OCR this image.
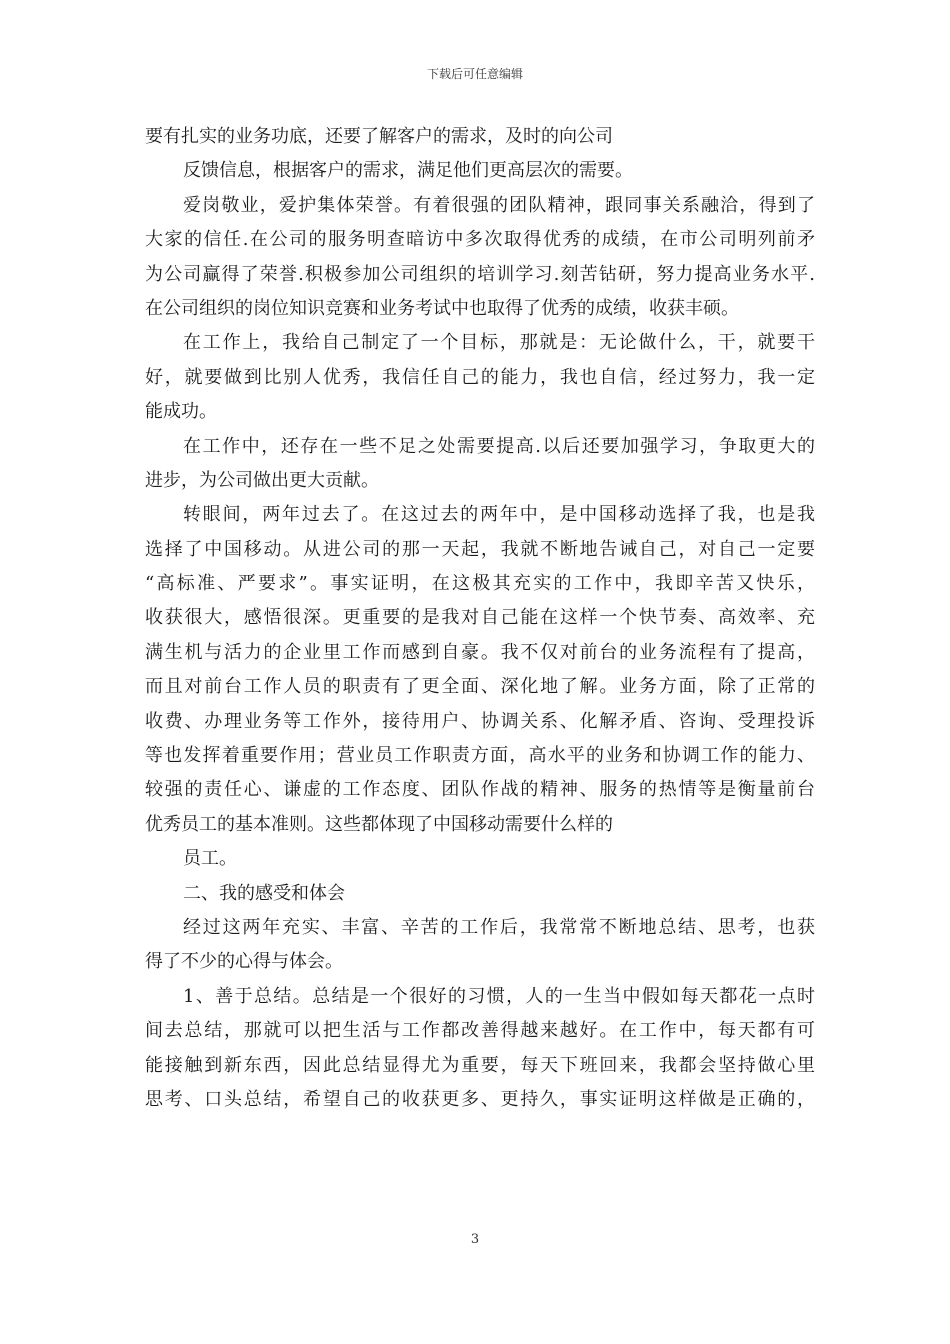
下载后可任意编辑
要有扎实的业务功底，还要了解客户的需求，及时的向公司
反馈信息，根据客户的需求，满足他们更高层次的需要。
爱岗敬业，爱护集体荣誉。有着很强的团队精神，跟同事关系融洽，得到了
大家的信任.在公司的服务明查暗访中多次取得优秀的成绩，在市公司明列前矛
为公司赢得了荣誉.积极参加公司组织的培训学习.刻苦钻研，努力提高业务水平.
在公司组织的岗位知识竞赛和业务考试中也取得了优秀的成绩，收获丰硕。
在工作上，我给自己制定了一个目标，那就是：无论做什么，干，就要干
好，就要做到比别人优秀，我信任自己的能力，我也自信，经过努力，我一定
能成功。
在工作中，还存在一些不足之处需要提高.以后还要加强学习，争取更大的
进步，为公司做出更大贡献。
转眼间，两年过去了。在这过去的两年中，是中国移动选择了我，也是我
选择了中国移动。从进公司的那一天起，我就不断地告诫自己，对自己一定要
“高标准、严要求”。事实证明，在这极其充实的工作中，我即辛苦又快乐，
收获很大，感悟很深。更重要的是我对自己能在这样一个快节奏、高效率、充
满生机与活力的企业里工作而感到自豪。我不仅对前台的业务流程有了提高，
而且对前台工作人员的职责有了更全面、深化地了解。业务方面，除了正常的
收费、办理业务等工作外，接待用户、协调关系、化解矛盾、咨询、受理投诉
等也发挥着重要作用；营业员工作职责方面，高水平的业务和协调工作的能力、
较强的责任心、谦虚的工作态度、团队作战的精神、服务的热情等是衡量前台
优秀员工的基本准则。这些都体现了中国移动需要什么样的
员工。
二、我的感受和体会
经过这两年充实、丰富、辛苦的工作后，我常常不断地总结、思考，也获
得了不少的心得与体会。
1、善于总结。总结是一个很好的习惯，人的一生当中假如每天都花一点时
间去总结，那就可以把生活与工作都改善得越来越好。在工作中，每天都有可
能接触到新东西，因此总结显得尤为重要，每天下班回来，我都会坚持做心里
思考、口头总结，希望自己的收获更多、更持久，事实证明这样做是正确的，
3
